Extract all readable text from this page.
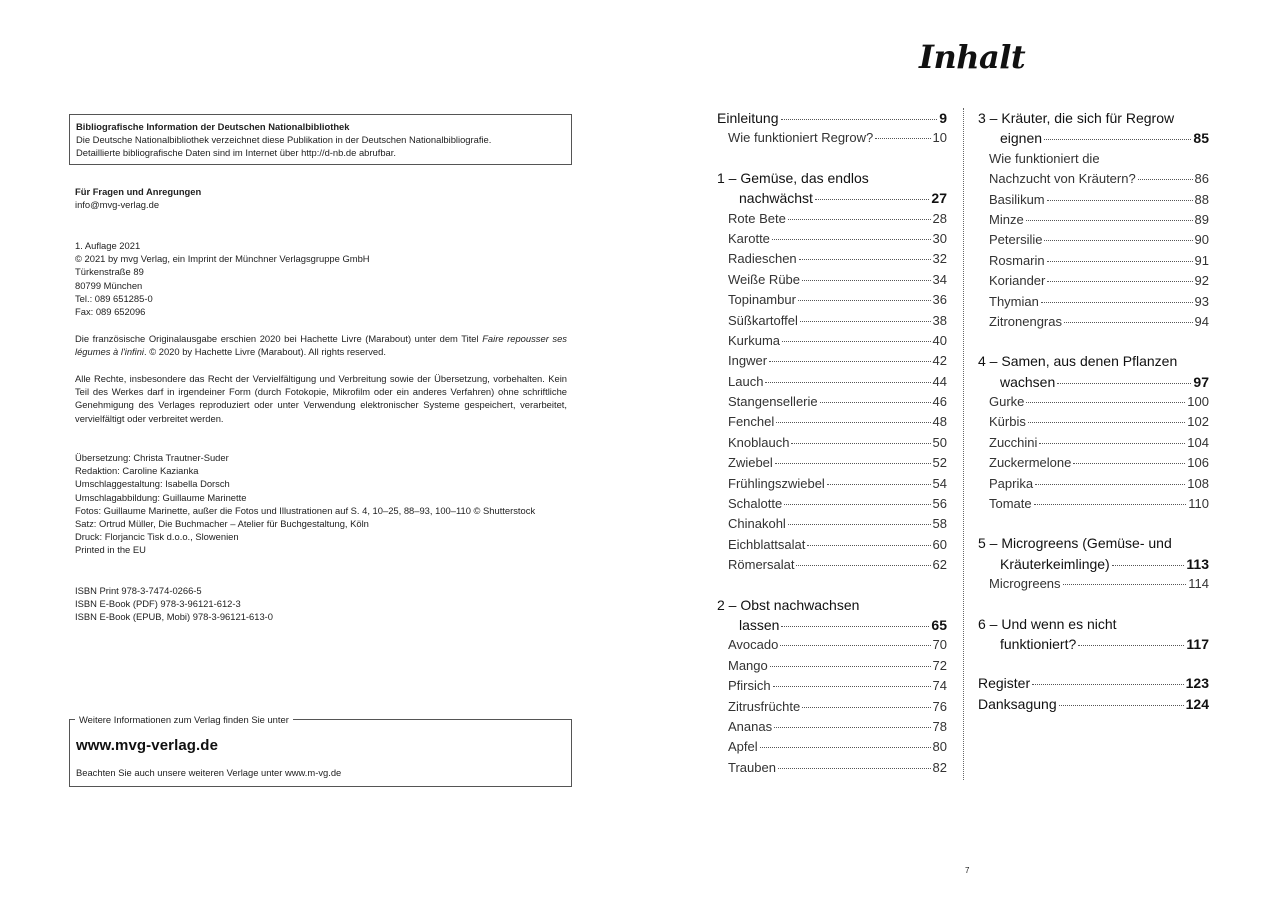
Bibliografische Information der Deutschen Nationalbibliothek
Die Deutsche Nationalbibliothek verzeichnet diese Publikation in der Deutschen Nationalbibliografie.
Detaillierte bibliografische Daten sind im Internet über http://d-nb.de abrufbar.
Für Fragen und Anregungen
info@mvg-verlag.de
1. Auflage 2021
© 2021 by mvg Verlag, ein Imprint der Münchner Verlagsgruppe GmbH
Türkenstraße 89
80799 München
Tel.: 089 651285-0
Fax: 089 652096
Die französische Originalausgabe erschien 2020 bei Hachette Livre (Marabout) unter dem Titel Faire repousser ses légumes à l'infini. © 2020 by Hachette Livre (Marabout). All rights reserved.
Alle Rechte, insbesondere das Recht der Vervielfältigung und Verbreitung sowie der Übersetzung, vorbehalten. Kein Teil des Werkes darf in irgendeiner Form (durch Fotokopie, Mikrofilm oder ein anderes Verfahren) ohne schriftliche Genehmigung des Verlages reproduziert oder unter Verwendung elektronischer Systeme gespeichert, verarbeitet, vervielfältigt oder verbreitet werden.
Übersetzung: Christa Trautner-Suder
Redaktion: Caroline Kazianka
Umschlaggestaltung: Isabella Dorsch
Umschlagabbildung: Guillaume Marinette
Fotos: Guillaume Marinette, außer die Fotos und Illustrationen auf S. 4, 10–25, 88–93, 100–110 © Shutterstock
Satz: Ortrud Müller, Die Buchmacher – Atelier für Buchgestaltung, Köln
Druck: Florjancic Tisk d.o.o., Slowenien
Printed in the EU
ISBN Print 978-3-7474-0266-5
ISBN E-Book (PDF) 978-3-96121-612-3
ISBN E-Book (EPUB, Mobi) 978-3-96121-613-0
Weitere Informationen zum Verlag finden Sie unter
www.mvg-verlag.de
Beachten Sie auch unsere weiteren Verlage unter www.m-vg.de
Inhalt
Einleitung	9
Wie funktioniert Regrow?	10
1 – Gemüse, das endlos
nachwächst	27
Rote Bete	28
Karotte	30
Radieschen	32
Weiße Rübe	34
Topinambur	36
Süßkartoffel	38
Kurkuma	40
Ingwer	42
Lauch	44
Stangensellerie	46
Fenchel	48
Knoblauch	50
Zwiebel	52
Frühlingszwiebel	54
Schalotte	56
Chinakohl	58
Eichblattsalat	60
Römersalat	62
2 – Obst nachwachsen
lassen	65
Avocado	70
Mango	72
Pfirsich	74
Zitrusfrüchte	76
Ananas	78
Apfel	80
Trauben	82
3 – Kräuter, die sich für Regrow
eignen	85
Wie funktioniert die
Nachzucht von Kräutern?	86
Basilikum	88
Minze	89
Petersilie	90
Rosmarin	91
Koriander	92
Thymian	93
Zitronengras	94
4 – Samen, aus denen Pflanzen
wachsen	97
Gurke	100
Kürbis	102
Zucchini	104
Zuckermelone	106
Paprika	108
Tomate	110
5 – Microgreens (Gemüse- und
Kräuterkeimlinge)	113
Microgreens	114
6 – Und wenn es nicht
funktioniert?	117
Register	123
Danksagung	124
7
